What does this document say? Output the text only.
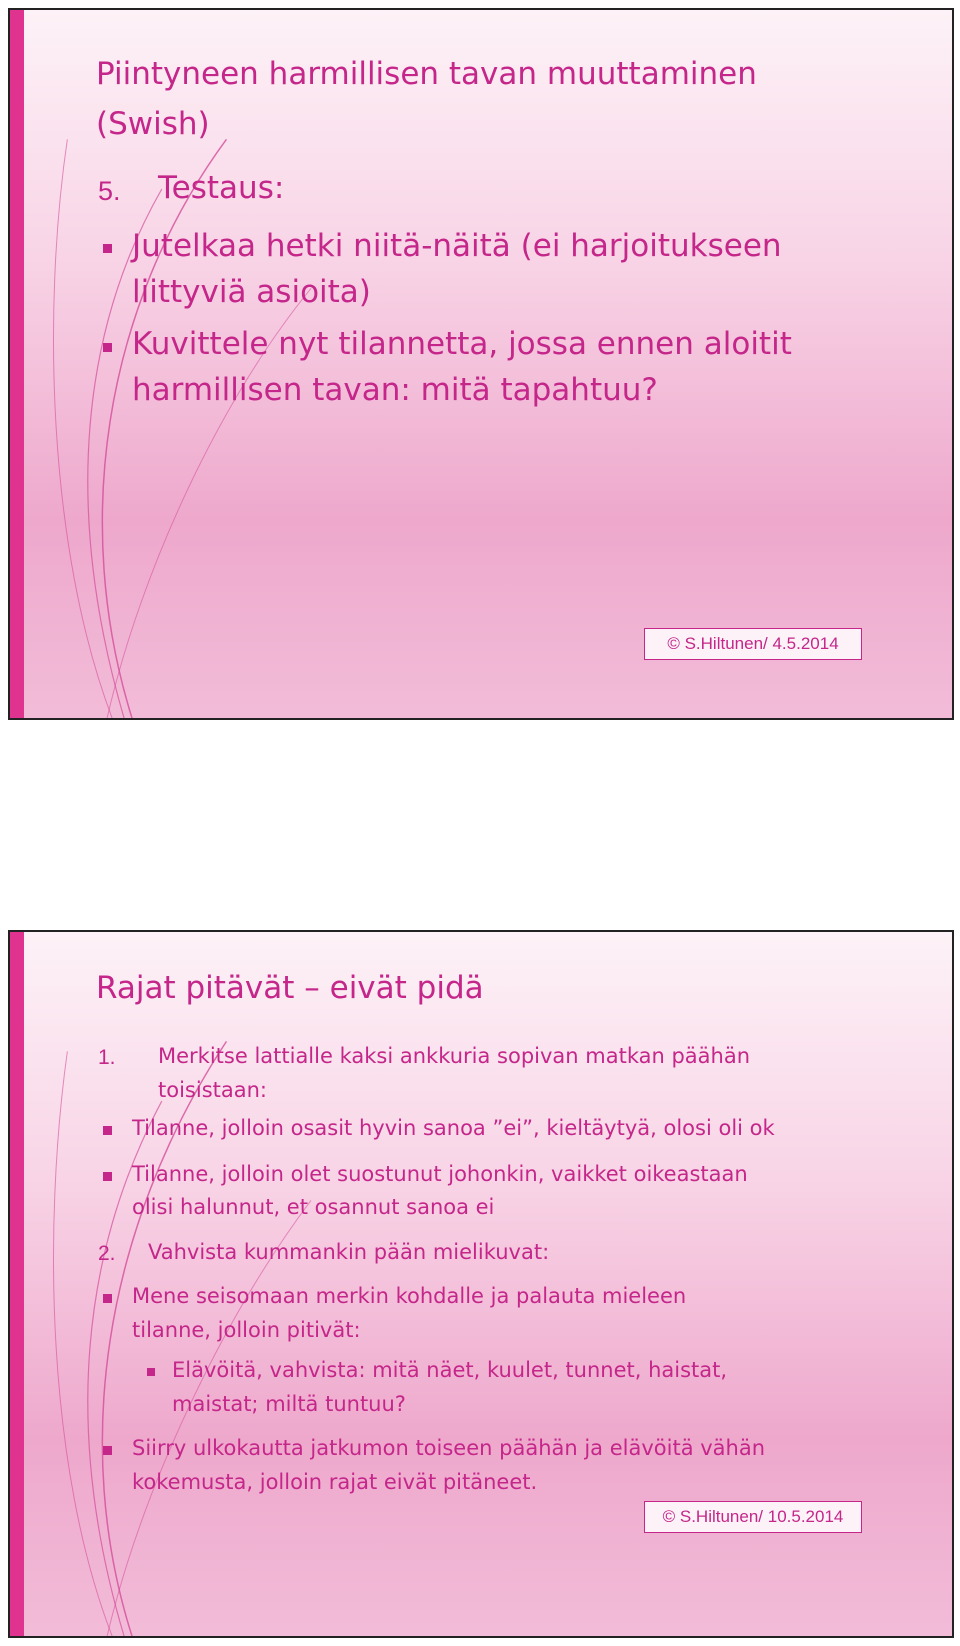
Piintyneen harmillisen tavan muuttaminen
(Swish)
5. Testaus:
Jutelkaa hetki niitä-näitä (ei harjoitukseen
liittyviä asioita)
Kuvittele nyt tilannetta, jossa ennen aloitit
harmillisen tavan: mitä tapahtuu?
© S.Hiltunen/ 4.5.2014
Rajat pitävät – eivät pidä
1. Merkitse lattialle kaksi ankkuria sopivan matkan päähän
toisistaan:
Tilanne, jolloin osasit hyvin sanoa ”ei”, kieltäytyä, olosi oli ok
Tilanne, jolloin olet suostunut johonkin, vaikket oikeastaan
olisi halunnut, et osannut sanoa ei
2. Vahvista kummankin pään mielikuvat:
Mene seisomaan merkin kohdalle ja palauta mieleen
tilanne, jolloin pitivät:
Elävöitä, vahvista: mitä näet, kuulet, tunnet, haistat,
maistat; miltä tuntuu?
Siirry ulkokautta jatkumon toiseen päähän ja elävöitä vähän
kokemusta, jolloin rajat eivät pitäneet.
© S.Hiltunen/ 10.5.2014
